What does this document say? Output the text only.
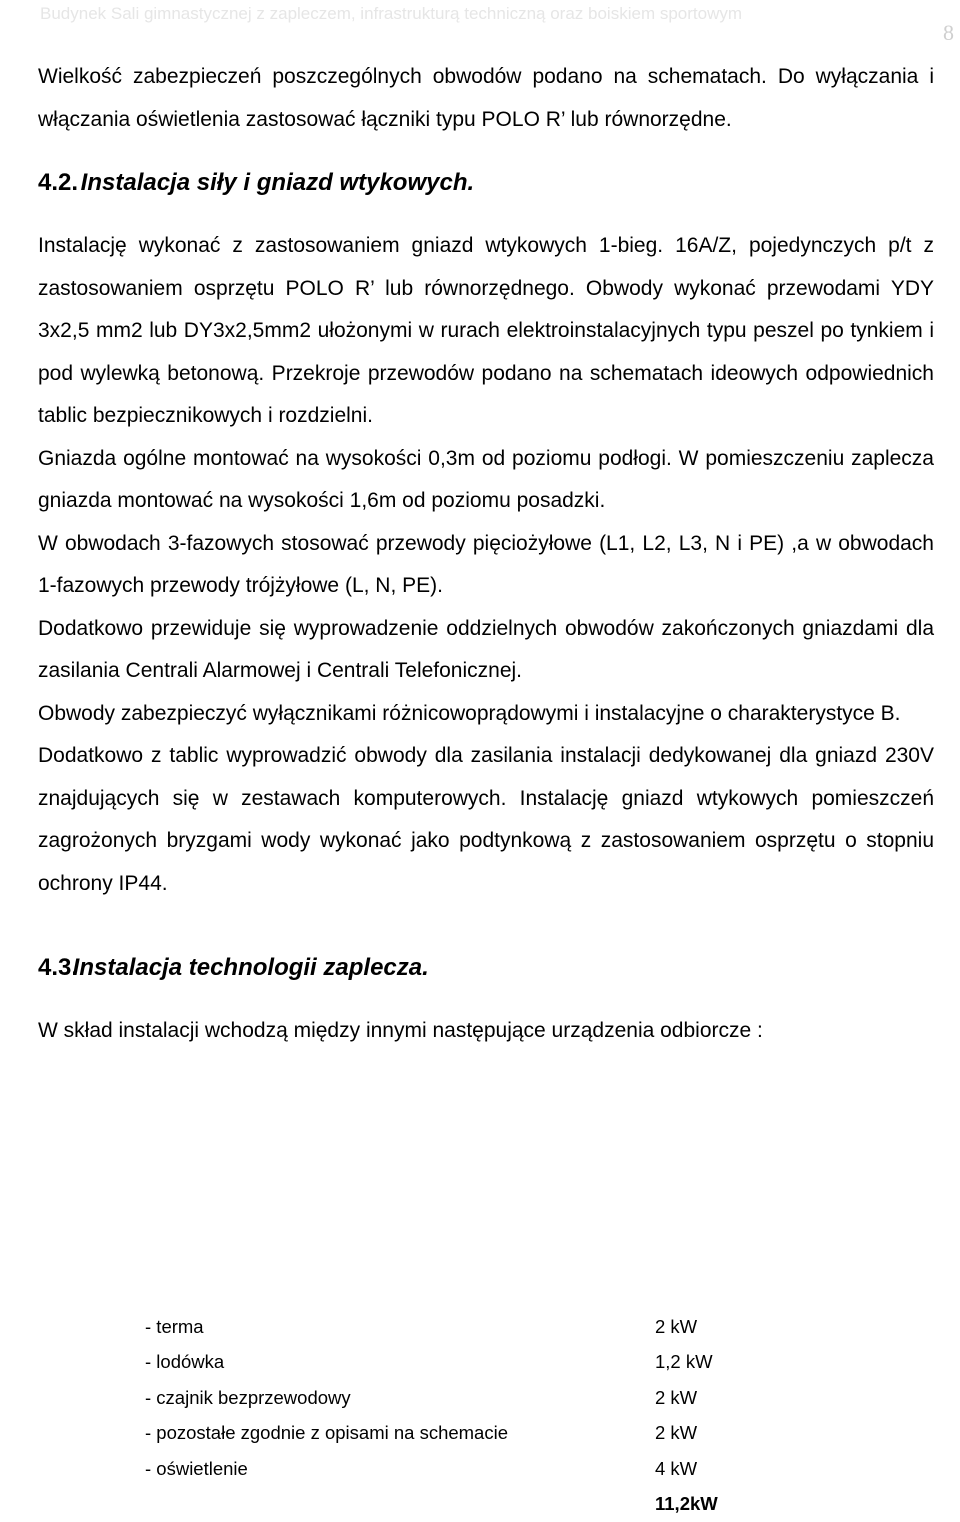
Budynek Sali gimnastycznej z zapleczem, infrastrukturą techniczną oraz boiskiem sportowym
8

Wielkość zabezpieczeń poszczególnych obwodów podano na schematach. Do wyłączania i włączania oświetlenia zastosować łączniki typu POLO R’ lub równorzędne.

4.2. Instalacja siły i gniazd wtykowych.

Instalację wykonać z zastosowaniem gniazd wtykowych 1-bieg. 16A/Z, pojedynczych p/t z zastosowaniem osprzętu POLO R’ lub równorzędnego. Obwody wykonać przewodami YDY 3x2,5 mm2 lub DY3x2,5mm2 ułożonymi w rurach elektroinstalacyjnych typu peszel po tynkiem i pod wylewką betonową. Przekroje przewodów podano na schematach ideowych odpowiednich tablic bezpiecznikowych i rozdzielni.

Gniazda ogólne montować na wysokości 0,3m od poziomu podłogi. W pomieszczeniu zaplecza gniazda montować na wysokości 1,6m od poziomu posadzki.

W obwodach 3-fazowych stosować przewody pięciożyłowe (L1, L2, L3, N i PE) ,a w obwodach 1-fazowych przewody trójżyłowe (L, N, PE).

Dodatkowo przewiduje się wyprowadzenie oddzielnych obwodów zakończonych gniazdami dla zasilania Centrali Alarmowej i Centrali Telefonicznej.

Obwody zabezpieczyć wyłącznikami różnicowoprądowymi i instalacyjne o charakterystyce B.

Dodatkowo z tablic wyprowadzić obwody dla zasilania instalacji dedykowanej dla gniazd 230V znajdujących się w zestawach komputerowych. Instalację gniazd wtykowych pomieszczeń zagrożonych bryzgami wody wykonać jako podtynkową z zastosowaniem osprzętu o stopniu ochrony IP44.

4.3. Instalacja technologii zaplecza.

W skład instalacji wchodzą między innymi następujące urządzenia odbiorcze :

- terma	2 kW
- lodówka	1,2 kW
- czajnik bezprzewodowy	2 kW
- pozostałe zgodnie z opisami na schemacie	2 kW
- oświetlenie	4 kW
	11,2kW
